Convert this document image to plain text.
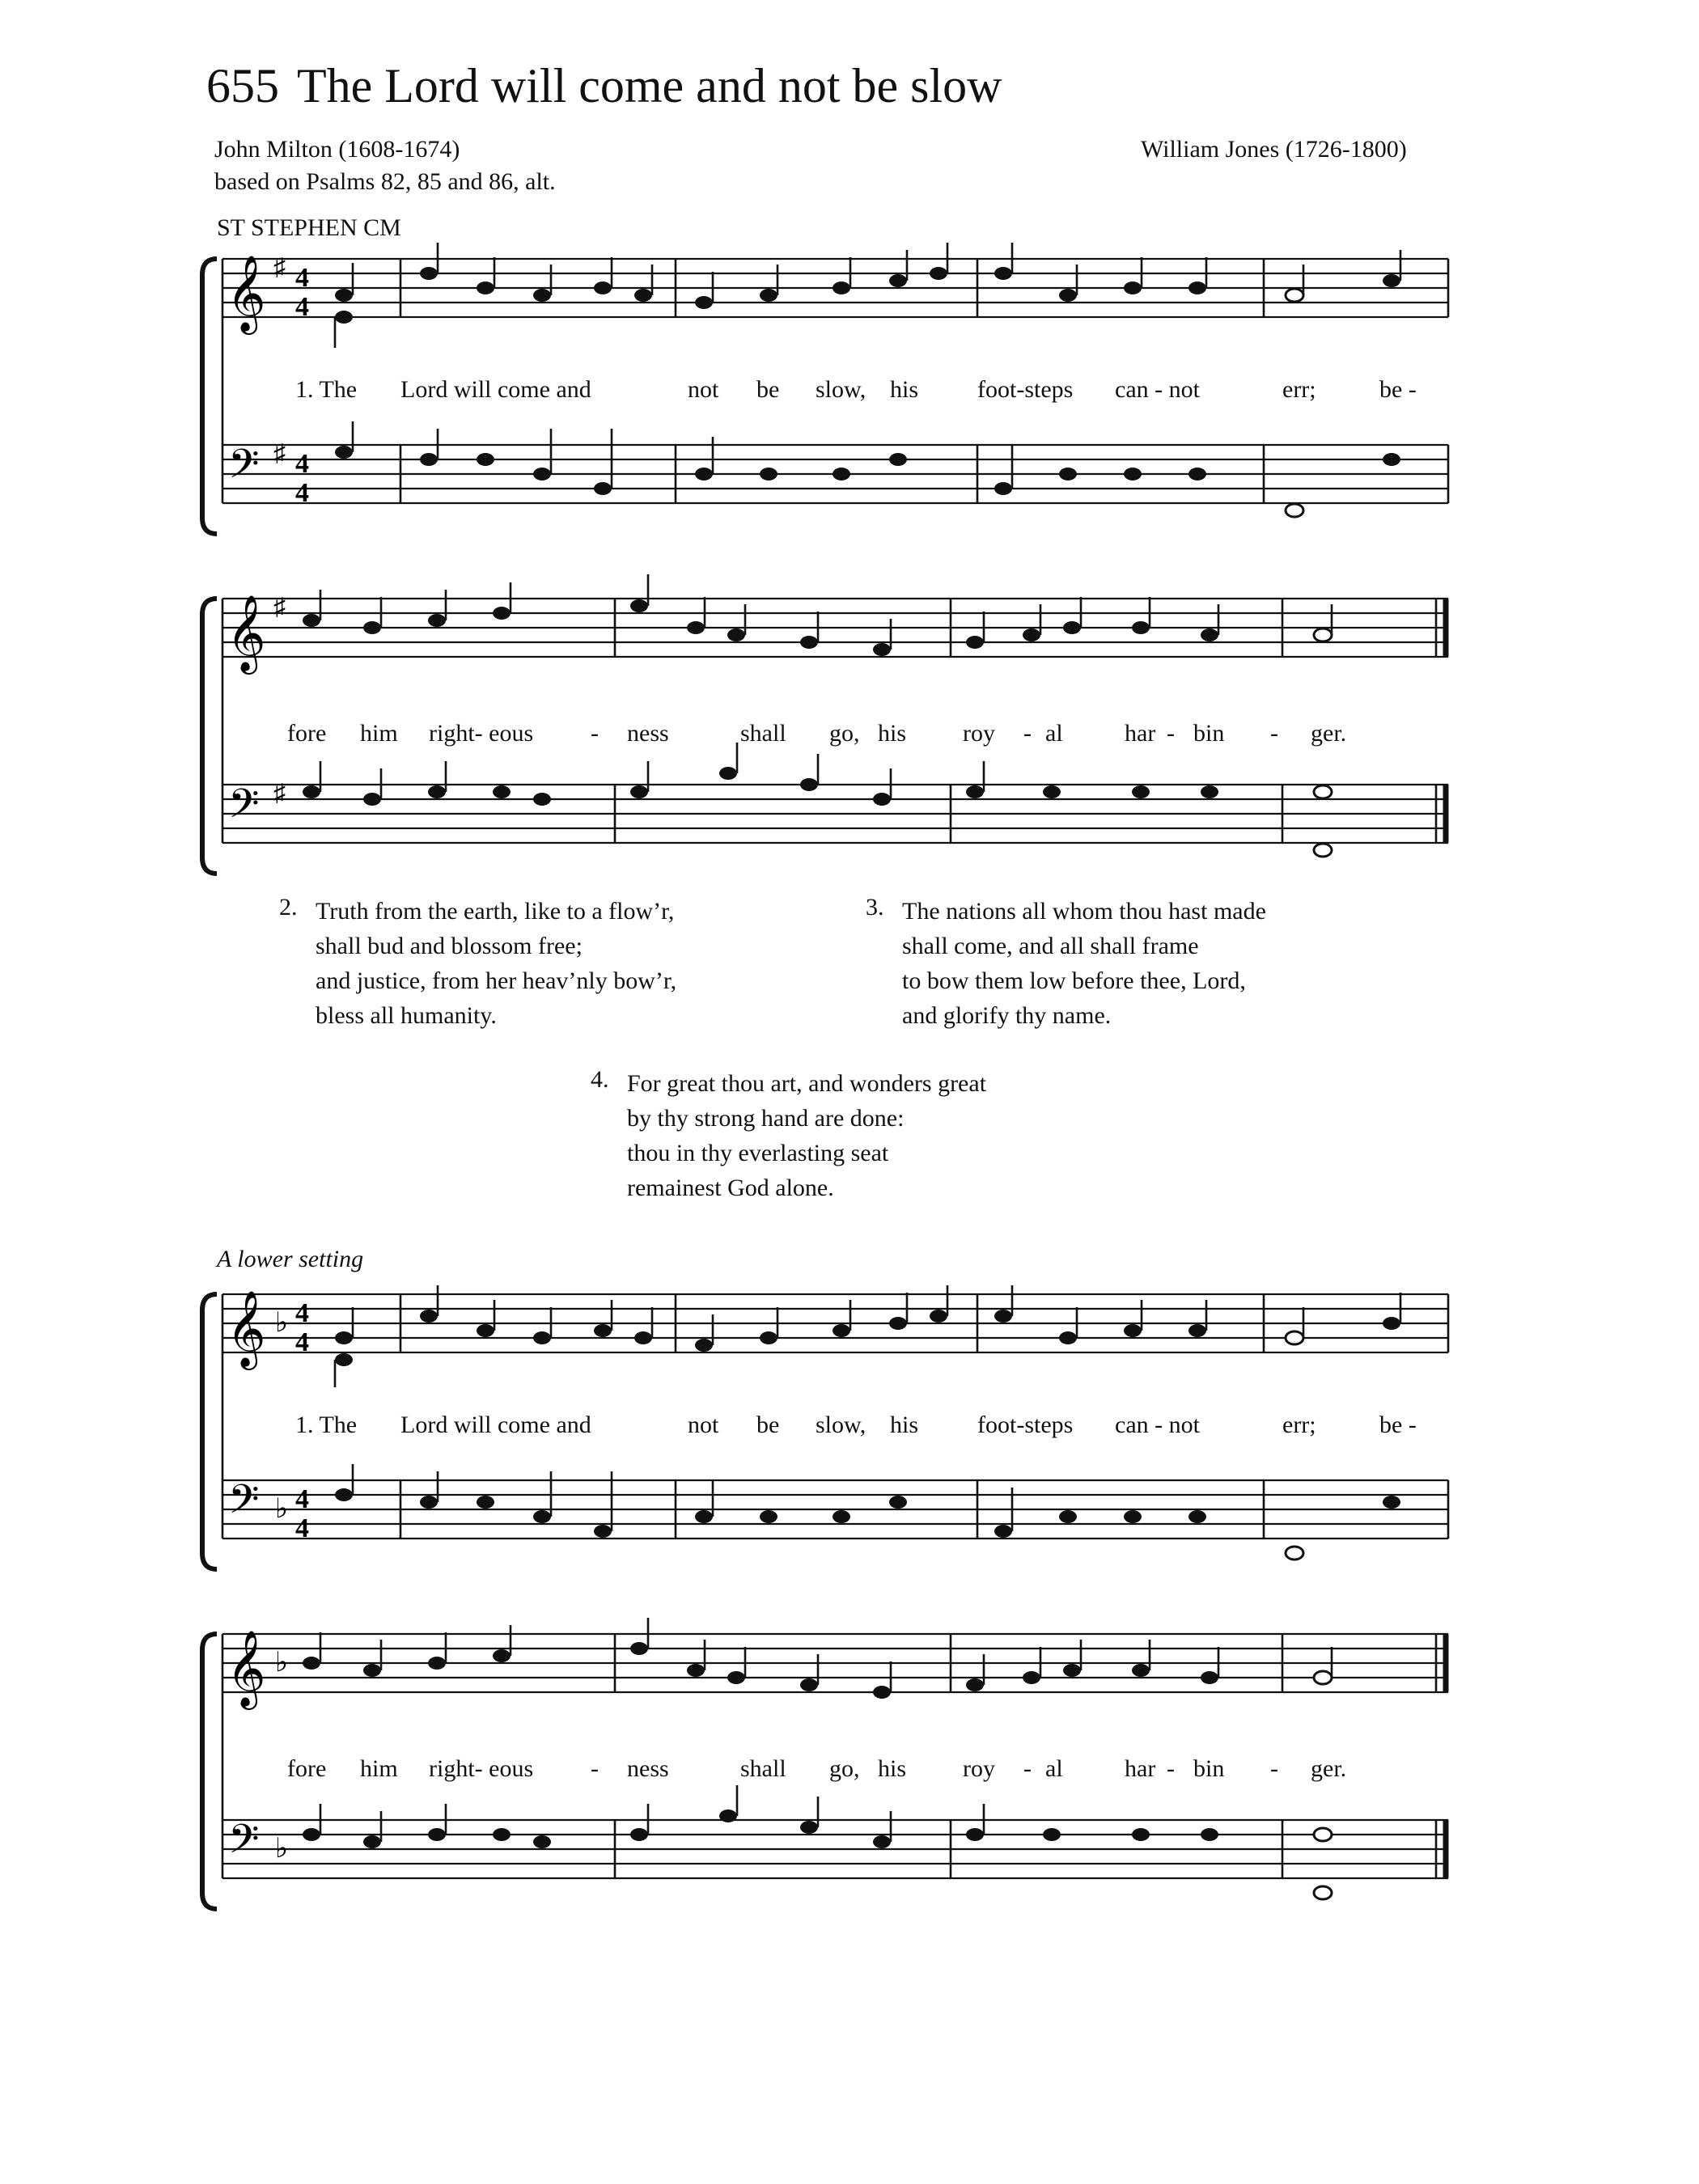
655 The Lord will come and not be slow
John Milton (1608-1674)
based on Psalms 82, 85 and 86, alt.
William Jones (1726-1800)
ST STEPHEN CM
𝄞
𝄢
♯
♯
4
4
4
4
1. The Lord will come and	not be slow, his foot-steps can - not	err;	be -
𝄞
𝄢
♯
♯
fore him right- eous - ness	shall go, his roy - al	har - bin - ger.
2. Truth from the earth, like to a flow’r,
shall bud and blossom free;
and justice, from her heav’nly bow’r,
bless all humanity.
3. The nations all whom thou hast made
shall come, and all shall frame
to bow them low before thee, Lord,
and glorify thy name.
4. For great thou art, and wonders great
by thy strong hand are done:
thou in thy everlasting seat
remainest God alone.
A lower setting
𝄞
𝄢
♭
♭
4
4
4
4
1. The Lord will come and	not be slow, his foot-steps can - not	err;	be -
𝄞
𝄢
♭
♭
fore him right- eous - ness	shall go, his roy - al	har - bin - ger.
